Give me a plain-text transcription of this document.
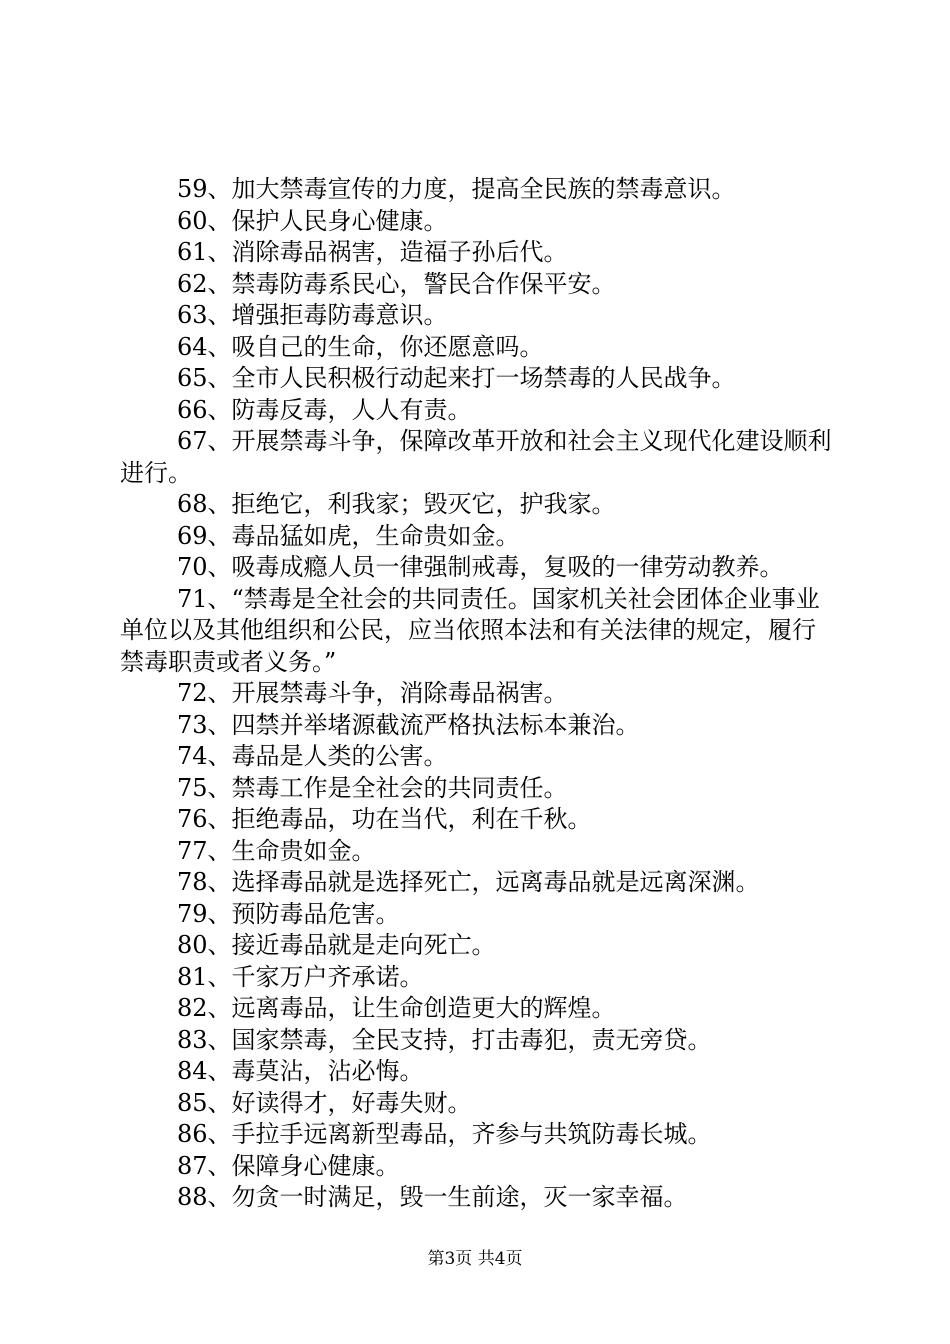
59、加大禁毒宣传的力度，提高全民族的禁毒意识。

60、保护人民身心健康。

61、消除毒品祸害，造福子孙后代。

62、禁毒防毒系民心，警民合作保平安。

63、增强拒毒防毒意识。

64、吸自己的生命，你还愿意吗。

65、全市人民积极行动起来打一场禁毒的人民战争。

66、防毒反毒，人人有责。

67、开展禁毒斗争，保障改革开放和社会主义现代化建设顺利进行。

68、拒绝它，利我家；毁灭它，护我家。

69、毒品猛如虎，生命贵如金。

70、吸毒成瘾人员一律强制戒毒，复吸的一律劳动教养。

71、“禁毒是全社会的共同责任。国家机关社会团体企业事业单位以及其他组织和公民，应当依照本法和有关法律的规定，履行禁毒职责或者义务。”

72、开展禁毒斗争，消除毒品祸害。

73、四禁并举堵源截流严格执法标本兼治。

74、毒品是人类的公害。

75、禁毒工作是全社会的共同责任。

76、拒绝毒品，功在当代，利在千秋。

77、生命贵如金。

78、选择毒品就是选择死亡，远离毒品就是远离深渊。

79、预防毒品危害。

80、接近毒品就是走向死亡。

81、千家万户齐承诺。

82、远离毒品，让生命创造更大的辉煌。

83、国家禁毒，全民支持，打击毒犯，责无旁贷。

84、毒莫沾，沾必悔。

85、好读得才，好毒失财。

86、手拉手远离新型毒品，齐参与共筑防毒长城。

87、保障身心健康。

88、勿贪一时满足，毁一生前途，灭一家幸福。

第3页 共4页
